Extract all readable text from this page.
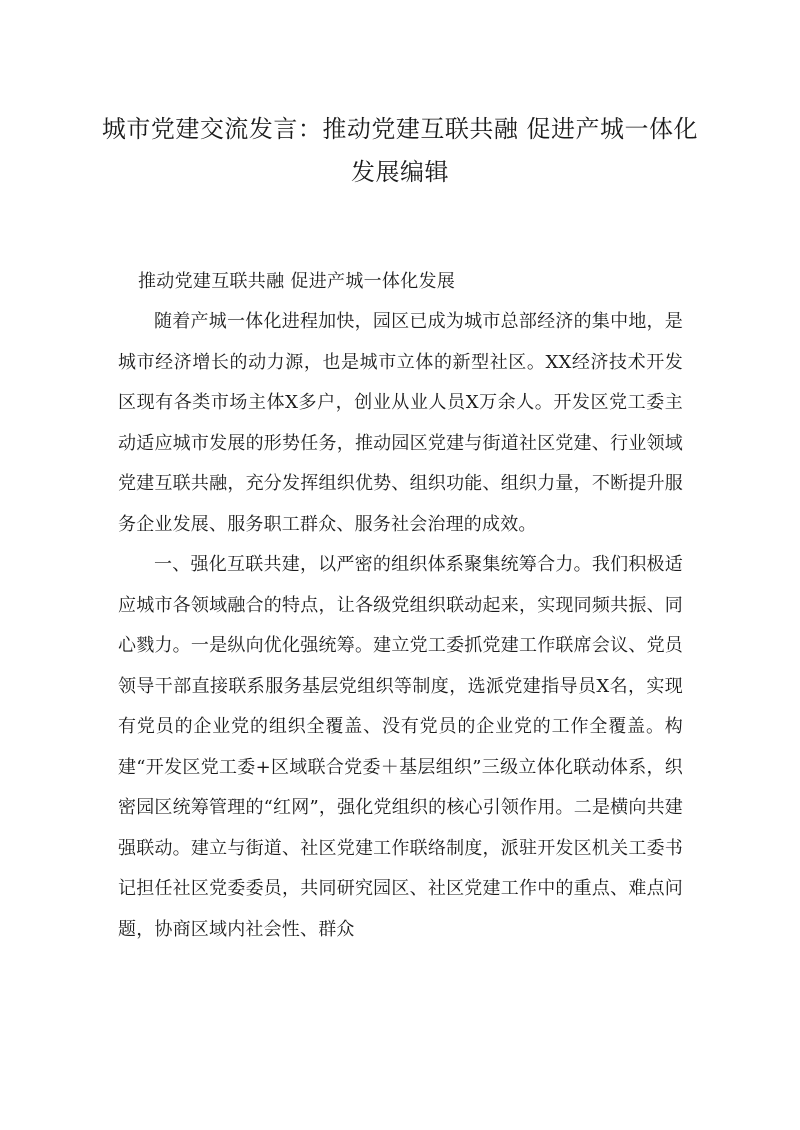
城市党建交流发言：推动党建互联共融 促进产城一体化发展编辑

推动党建互联共融 促进产城一体化发展

随着产城一体化进程加快，园区已成为城市总部经济的集中地，是城市经济增长的动力源，也是城市立体的新型社区。XX经济技术开发区现有各类市场主体X多户，创业从业人员X万余人。开发区党工委主动适应城市发展的形势任务，推动园区党建与街道社区党建、行业领域党建互联共融，充分发挥组织优势、组织功能、组织力量，不断提升服务企业发展、服务职工群众、服务社会治理的成效。

一、强化互联共建，以严密的组织体系聚集统筹合力。我们积极适应城市各领域融合的特点，让各级党组织联动起来，实现同频共振、同心戮力。一是纵向优化强统筹。建立党工委抓党建工作联席会议、党员领导干部直接联系服务基层党组织等制度，选派党建指导员X名，实现有党员的企业党的组织全覆盖、没有党员的企业党的工作全覆盖。构建“开发区党工委+区域联合党委＋基层组织”三级立体化联动体系，织密园区统筹管理的“红网”，强化党组织的核心引领作用。二是横向共建强联动。建立与街道、社区党建工作联络制度，派驻开发区机关工委书记担任社区党委委员，共同研究园区、社区党建工作中的重点、难点问题，协商区域内社会性、群众
